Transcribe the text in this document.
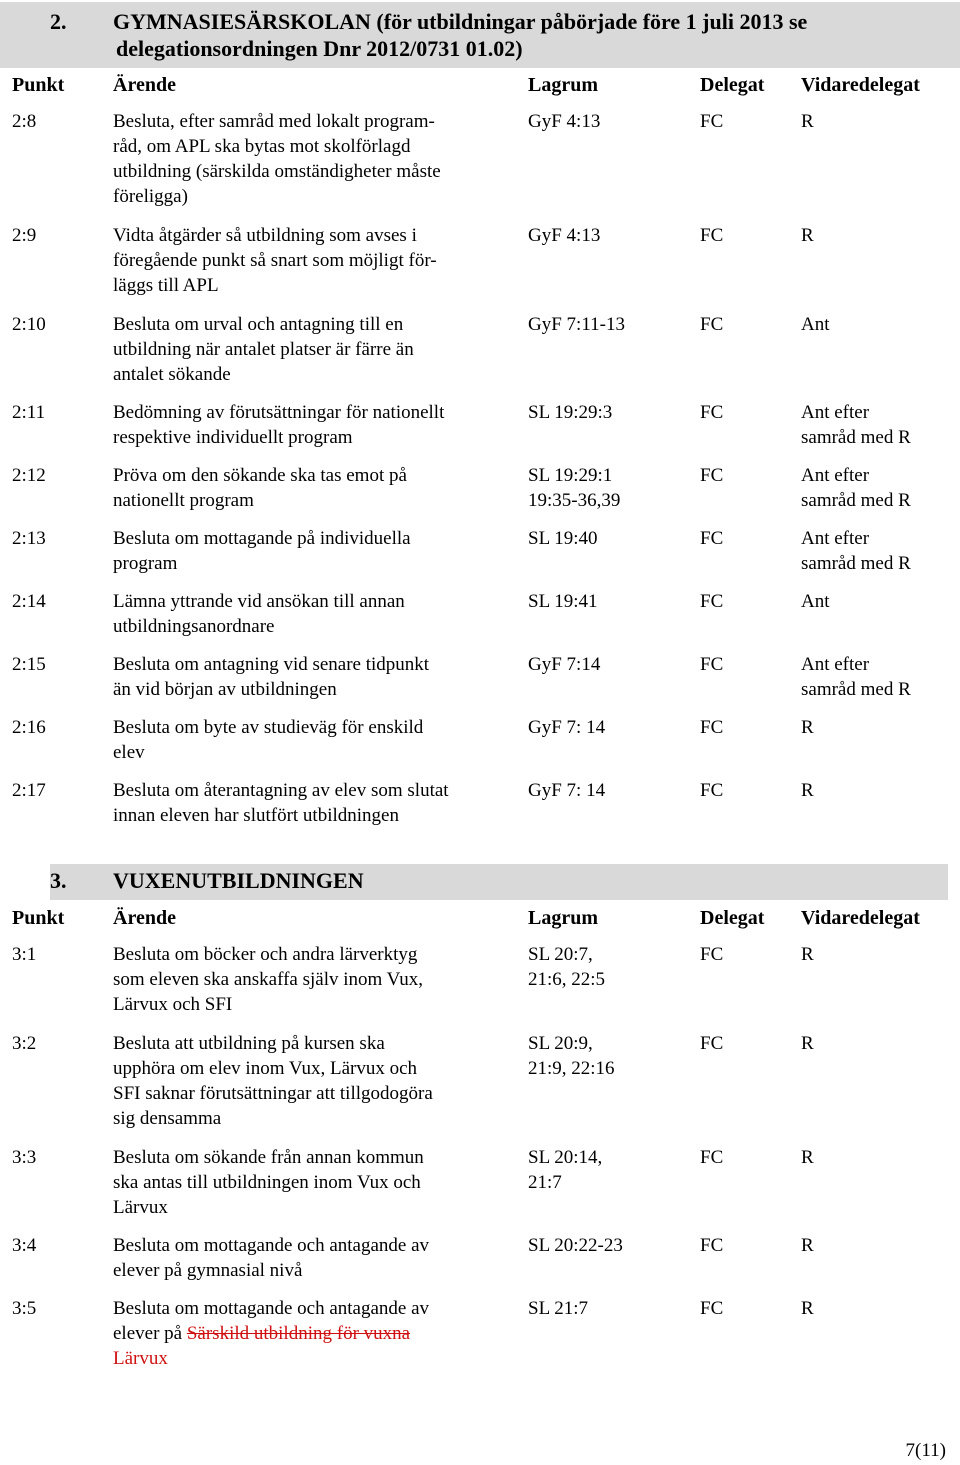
2. GYMNASIESÄRSKOLAN (för utbildningar påbörjade före 1 juli 2013 se
delegationsordningen Dnr 2012/0731 01.02)
Punkt Ärende	Lagrum	Delegat Vidaredelegat
2:8	Besluta, efter samråd med lokalt program-
råd, om APL ska bytas mot skolförlagd
utbildning (särskilda omständigheter måste
föreligga)
GyF 4:13	FC	R
2:9	Vidta åtgärder så utbildning som avses i
föregående punkt så snart som möjligt för-
läggs till APL
GyF 4:13	FC	R
2:10	Besluta om urval och antagning till en
utbildning när antalet platser är färre än
antalet sökande
GyF 7:11-13	FC	Ant
2:11	Bedömning av förutsättningar för nationellt
respektive individuellt program
SL 19:29:3	FC	Ant efter
samråd med R
2:12	Pröva om den sökande ska tas emot på
nationellt program
SL 19:29:1
19:35-36,39
FC	Ant efter
samråd med R
2:13	Besluta om mottagande på individuella
program
SL 19:40	FC	Ant efter
samråd med R
2:14	Lämna yttrande vid ansökan till annan
utbildningsanordnare
SL 19:41	FC	Ant
2:15	Besluta om antagning vid senare tidpunkt
än vid början av utbildningen
GyF 7:14	FC	Ant efter
samråd med R
2:16	Besluta om byte av studieväg för enskild
elev
GyF 7: 14	FC	R
2:17	Besluta om återantagning av elev som slutat
innan eleven har slutfört utbildningen
GyF 7: 14	FC	R
3. VUXENUTBILDNINGEN
Punkt Ärende	Lagrum	Delegat Vidaredelegat
3:1	Besluta om böcker och andra lärverktyg
som eleven ska anskaffa själv inom Vux,
Lärvux och SFI
SL 20:7,
21:6, 22:5
FC	R
3:2	Besluta att utbildning på kursen ska
upphöra om elev inom Vux, Lärvux och
SFI saknar förutsättningar att tillgodogöra
sig densamma
SL 20:9,
21:9, 22:16
FC	R
3:3	Besluta om sökande från annan kommun
ska antas till utbildningen inom Vux och
Lärvux
SL 20:14,
21:7
FC	R
3:4	Besluta om mottagande och antagande av
elever på gymnasial nivå
SL 20:22-23	FC	R
3:5	Besluta om mottagande och antagande av
elever på Särskild utbildning för vuxna
Lärvux
SL 21:7	FC	R
7(11)
